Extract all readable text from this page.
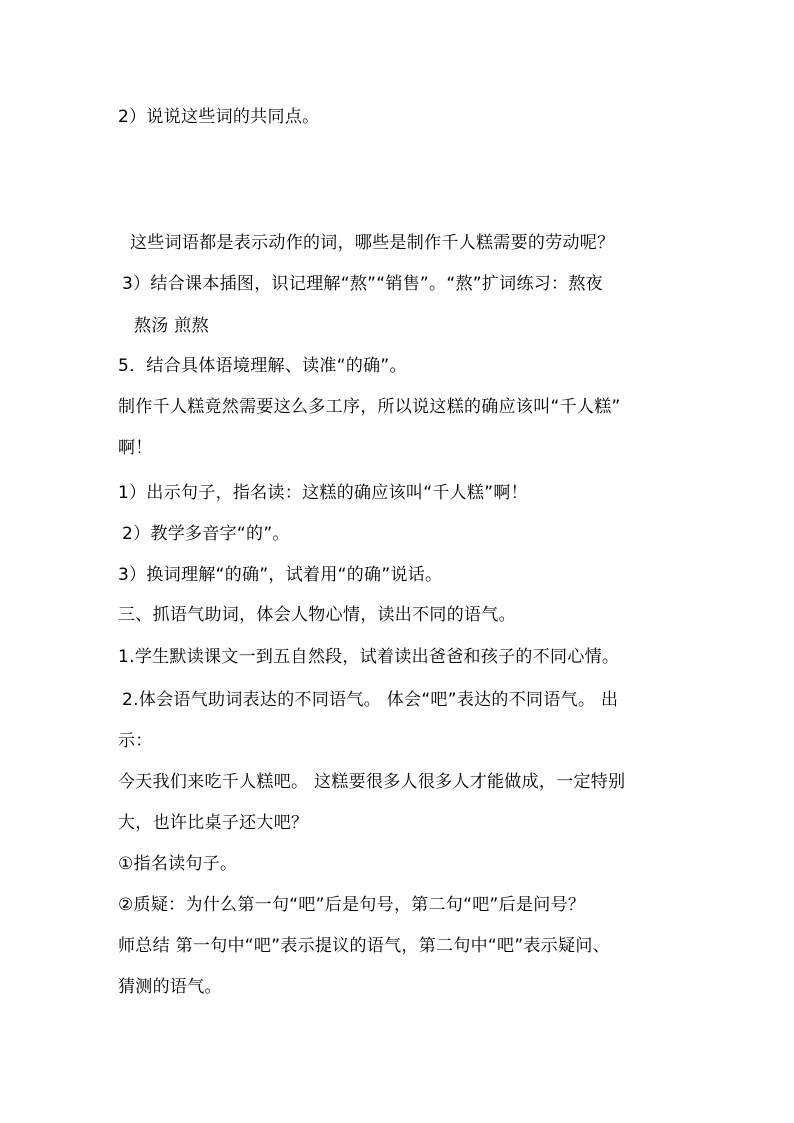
2）说说这些词的共同点。
这些词语都是表示动作的词，哪些是制作千人糕需要的劳动呢？
3）结合课本插图，识记理解“熬”“销售”。“熬”扩词练习：熬夜
熬汤 煎熬
5．结合具体语境理解、读准“的确”。
制作千人糕竟然需要这么多工序，所以说这糕的确应该叫“千人糕”
啊！
1）出示句子，指名读：这糕的确应该叫“千人糕”啊！
2）教学多音字“的”。
3）换词理解“的确”，试着用“的确”说话。
三、抓语气助词，体会人物心情，读出不同的语气。
1.学生默读课文一到五自然段，试着读出爸爸和孩子的不同心情。
2.体会语气助词表达的不同语气。 体会“吧”表达的不同语气。 出
示：
今天我们来吃千人糕吧。 这糕要很多人很多人才能做成，一定特别
大，也许比桌子还大吧？
①指名读句子。
②质疑：为什么第一句“吧”后是句号，第二句“吧”后是问号？
师总结 第一句中“吧”表示提议的语气，第二句中“吧”表示疑问、
猜测的语气。
